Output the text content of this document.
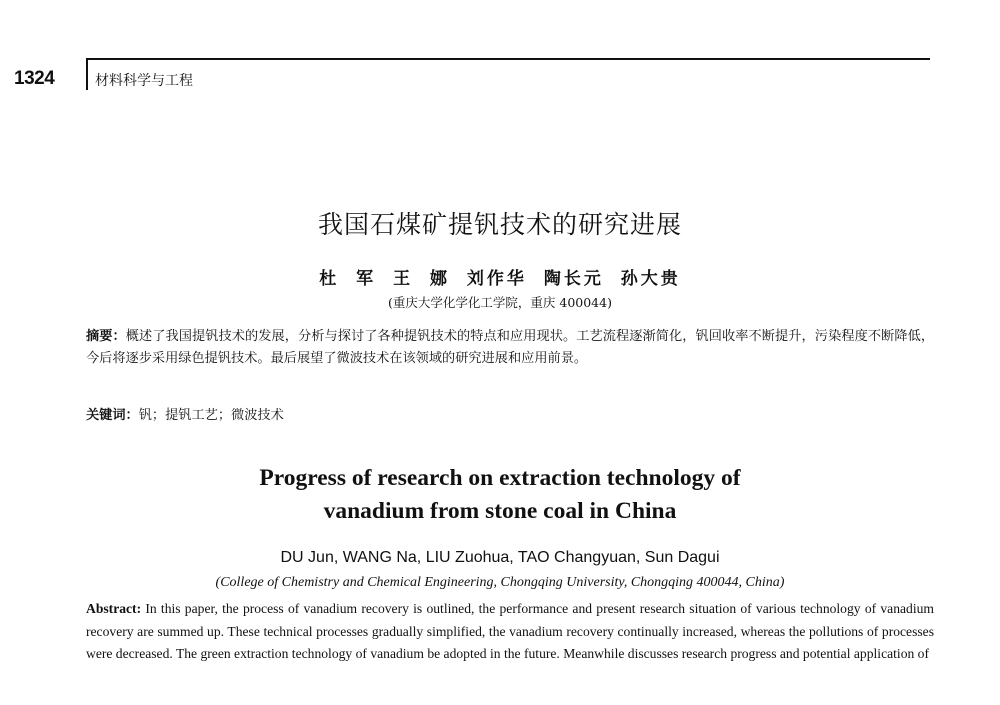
1324	材料科学与工程
我国石煤矿提钒技术的研究进展
杜 军 王 娜 刘作华 陶长元 孙大贵
(重庆大学化学化工学院，重庆 400044)
摘要：概述了我国提钒技术的发展，分析与探讨了各种提钒技术的特点和应用现状。工艺流程逐渐简化，钒回收率不断提升，污染程度不断降低，今后将逐步采用绿色提钒技术。最后展望了微波技术在该领域的研究进展和应用前景。
关键词：钒；提钒工艺；微波技术
Progress of research on extraction technology of
vanadium from stone coal in China
DU Jun, WANG Na, LIU Zuohua, TAO Changyuan, Sun Dagui
(College of Chemistry and Chemical Engineering, Chongqing University, Chongqing 400044, China)
Abstract: In this paper, the process of vanadium recovery is outlined, the performance and present research situation of various technology of vanadium recovery are summed up. These technical processes gradually simplified, the vanadium recovery continually increased, whereas the pollutions of processes were decreased. The green extraction technology of vanadium be adopted in the future. Meanwhile discusses research progress and potential application of
